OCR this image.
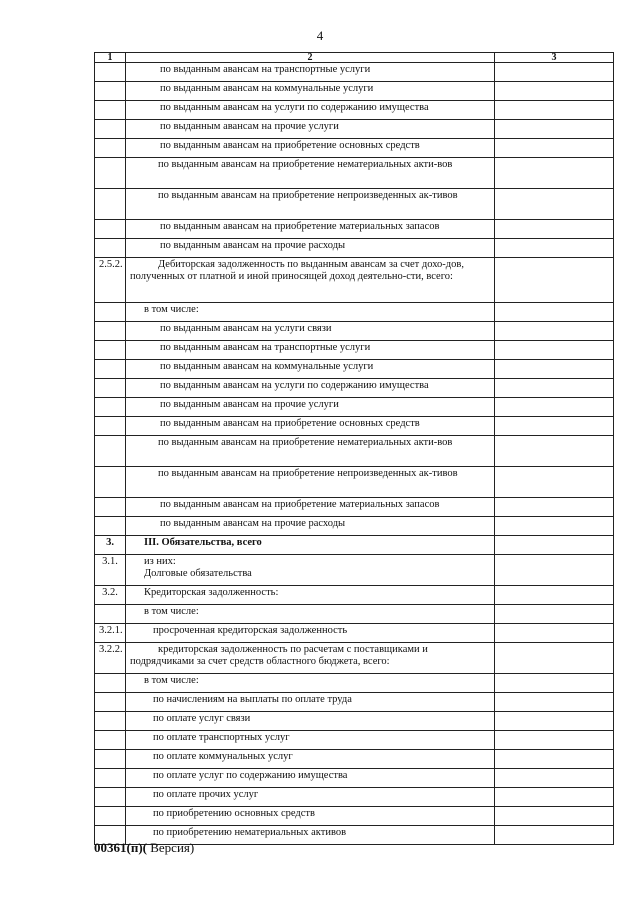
4
1	2	3
	по выданным авансам на транспортные услуги	
	по выданным авансам на коммунальные услуги	
	по выданным авансам на услуги по содержанию имущества	
	по выданным авансам на прочие услуги	
	по выданным авансам на приобретение основных средств	
	по выданным авансам на приобретение нематериальных акти-вов	
	по выданным авансам на приобретение непроизведенных ак-тивов	
	по выданным авансам на приобретение материальных запасов	
	по выданным авансам на прочие расходы	
2.5.2.	Дебиторская задолженность по выданным авансам за счет дохо-дов, полученных от платной и иной приносящей доход деятельно-сти, всего:	
	в том числе:	
	по выданным авансам на услуги связи	
	по выданным авансам на транспортные услуги	
	по выданным авансам на коммунальные услуги	
	по выданным авансам на услуги по содержанию имущества	
	по выданным авансам на прочие услуги	
	по выданным авансам на приобретение основных средств	
	по выданным авансам на приобретение нематериальных акти-вов	
	по выданным авансам на приобретение непроизведенных ак-тивов	
	по выданным авансам на приобретение материальных запасов	
	по выданным авансам на прочие расходы	
3.	III. Обязательства, всего	
3.1.	из них:
Долговые обязательства	
3.2.	Кредиторская задолженность:	
	в том числе:	
3.2.1.	просроченная кредиторская задолженность	
3.2.2.	кредиторская задолженность по расчетам с поставщиками и подрядчиками за счет средств областного бюджета, всего:	
	в том числе:	
	по начислениям на выплаты по оплате труда	
	по оплате услуг связи	
	по оплате транспортных услуг	
	по оплате коммунальных услуг	
	по оплате услуг по содержанию имущества	
	по оплате прочих услуг	
	по приобретению основных средств	
	по приобретению нематериальных активов	
00361(п)( Версия)
